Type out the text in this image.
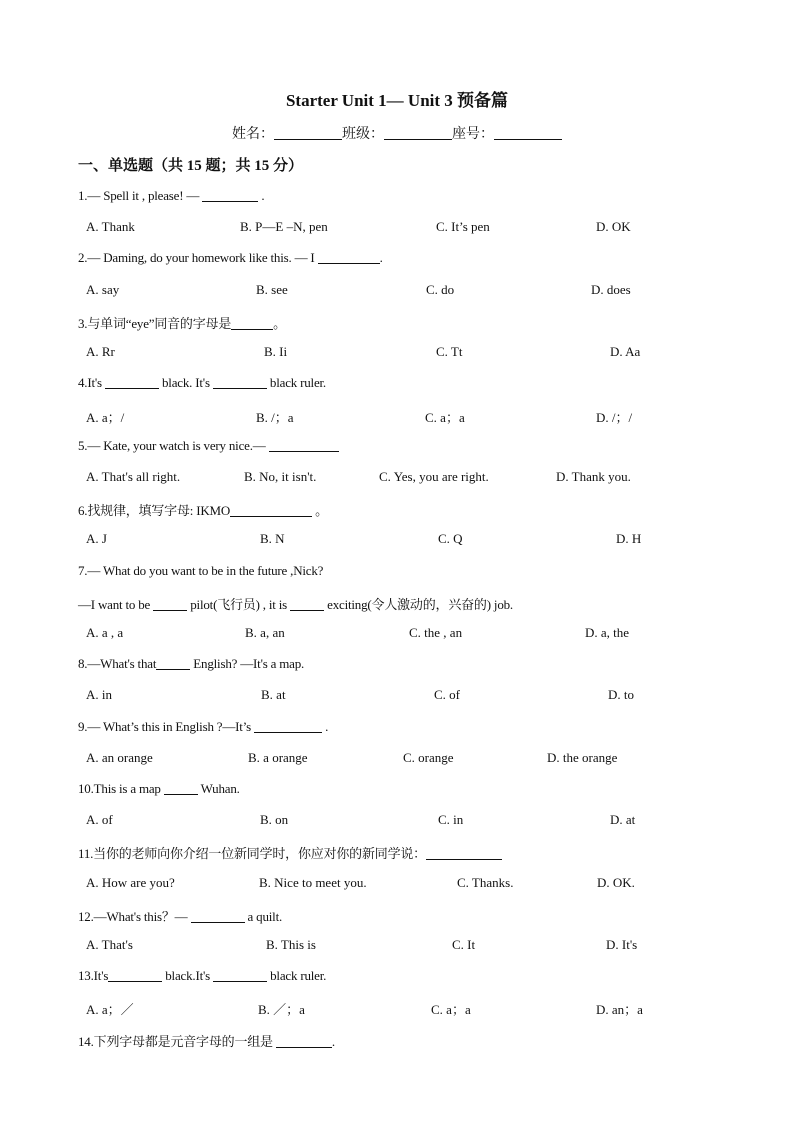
Starter Unit 1— Unit 3 预备篇
姓名：	班级：	座号：
一、单选题（共 15 题；共 15 分）
1.— Spell it , please! —	.
A. Thank	B. P—E –N, pen	C. It’s pen	D. OK
2.— Daming, do your homework like this. — I	.
A. say	B. see	C. do	D. does
3.与单词“eye”同音的字母是	。
A. Rr	B. Ii	C. Tt	D. Aa
4.It's	black. It's	black ruler.
A. a；/	B. /；a	C. a；a	D. /；/
5.— Kate, your watch is very nice.—
A. That's all right.	B. No, it isn't.	C. Yes, you are right.	D. Thank you.
6.找规律，填写字母: IKMO	。
A. J	B. N	C. Q	D. H
7.— What do you want to be in the future ,Nick?
—I want to be	pilot(飞行员) , it is	exciting(令人激动的，兴奋的) job.
A. a , a	B. a, an	C. the , an	D. a, the
8.—What's that	English? —It's a map.
A. in	B. at	C. of	D. to
9.— What’s this in English ?—It’s	.
A. an orange	B. a orange	C. orange	D. the orange
10.This is a map	Wuhan.
A. of	B. on	C. in	D. at
11.当你的老师向你介绍一位新同学时，你应对你的新同学说：
A. How are you?	B. Nice to meet you.	C. Thanks.	D. OK.
12.—What's this？—	a quilt.
A. That's	B. This is	C. It	D. It's
13.It's	black.It's	black ruler.
A. a；／	B. ／；a	C. a；a	D. an；a
14.下列字母都是元音字母的一组是	.
